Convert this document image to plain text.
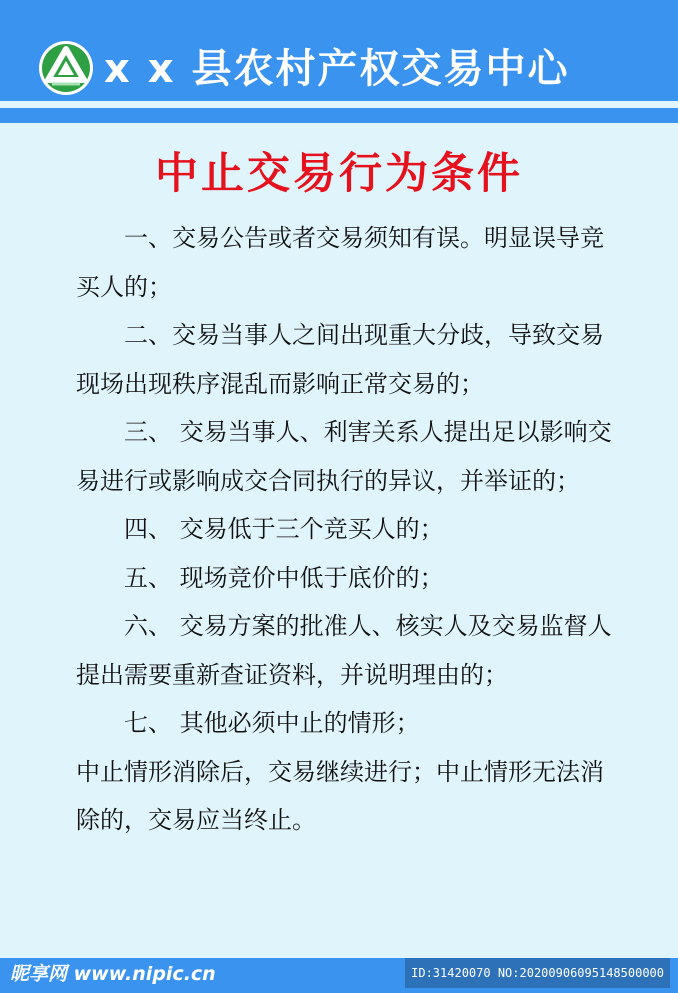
x x 县农村产权交易中心
中止交易行为条件

一、交易公告或者交易须知有误。明显误导竞买人的；

二、交易当事人之间出现重大分歧，导致交易现场出现秩序混乱而影响正常交易的；

三、 交易当事人、利害关系人提出足以影响交易进行或影响成交合同执行的异议，并举证的；

四、 交易低于三个竞买人的；

五、 现场竞价中低于底价的；

六、 交易方案的批准人、核实人及交易监督人提出需要重新查证资料，并说明理由的；

七、 其他必须中止的情形；

中止情形消除后，交易继续进行；中止情形无法消除的，交易应当终止。

昵享网 www.nipic.cn	ID:31420070 NO:20200906095148500000
